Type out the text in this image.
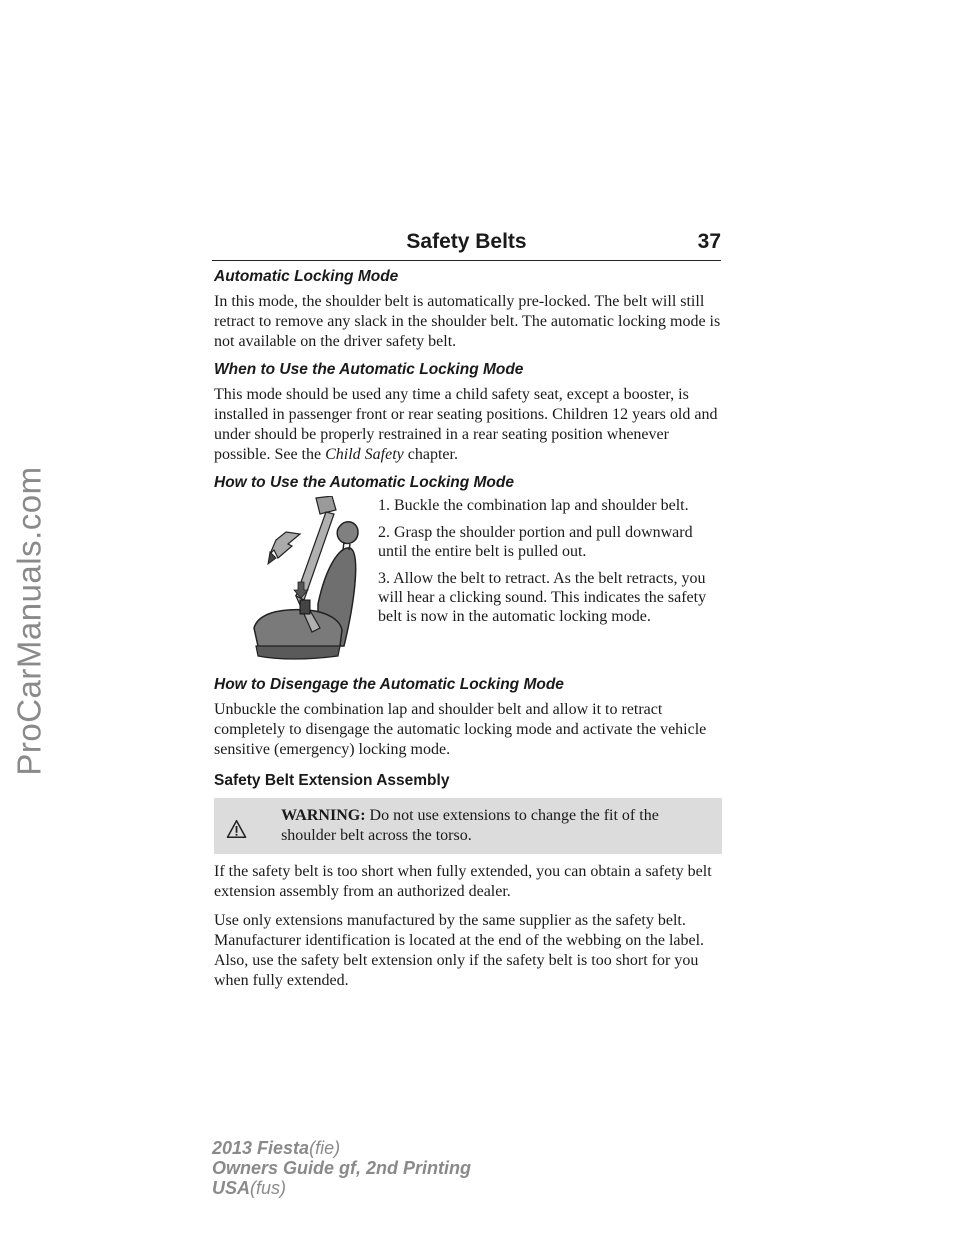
ProCarManuals.com
Safety Belts	37
Automatic Locking Mode

In this mode, the shoulder belt is automatically pre-locked. The belt will still retract to remove any slack in the shoulder belt. The automatic locking mode is not available on the driver safety belt.

When to Use the Automatic Locking Mode

This mode should be used any time a child safety seat, except a booster, is installed in passenger front or rear seating positions. Children 12 years old and under should be properly restrained in a rear seating position whenever possible. See the Child Safety chapter.

How to Use the Automatic Locking Mode

1. Buckle the combination lap and shoulder belt.

2. Grasp the shoulder portion and pull downward until the entire belt is pulled out.

3. Allow the belt to retract. As the belt retracts, you will hear a clicking sound. This indicates the safety belt is now in the automatic locking mode.

How to Disengage the Automatic Locking Mode

Unbuckle the combination lap and shoulder belt and allow it to retract completely to disengage the automatic locking mode and activate the vehicle sensitive (emergency) locking mode.

Safety Belt Extension Assembly
WARNING: Do not use extensions to change the fit of the shoulder belt across the torso.

If the safety belt is too short when fully extended, you can obtain a safety belt extension assembly from an authorized dealer.

Use only extensions manufactured by the same supplier as the safety belt. Manufacturer identification is located at the end of the webbing on the label. Also, use the safety belt extension only if the safety belt is too short for you when fully extended.

2013 Fiesta(fie)
Owners Guide gf, 2nd Printing
USA(fus)
